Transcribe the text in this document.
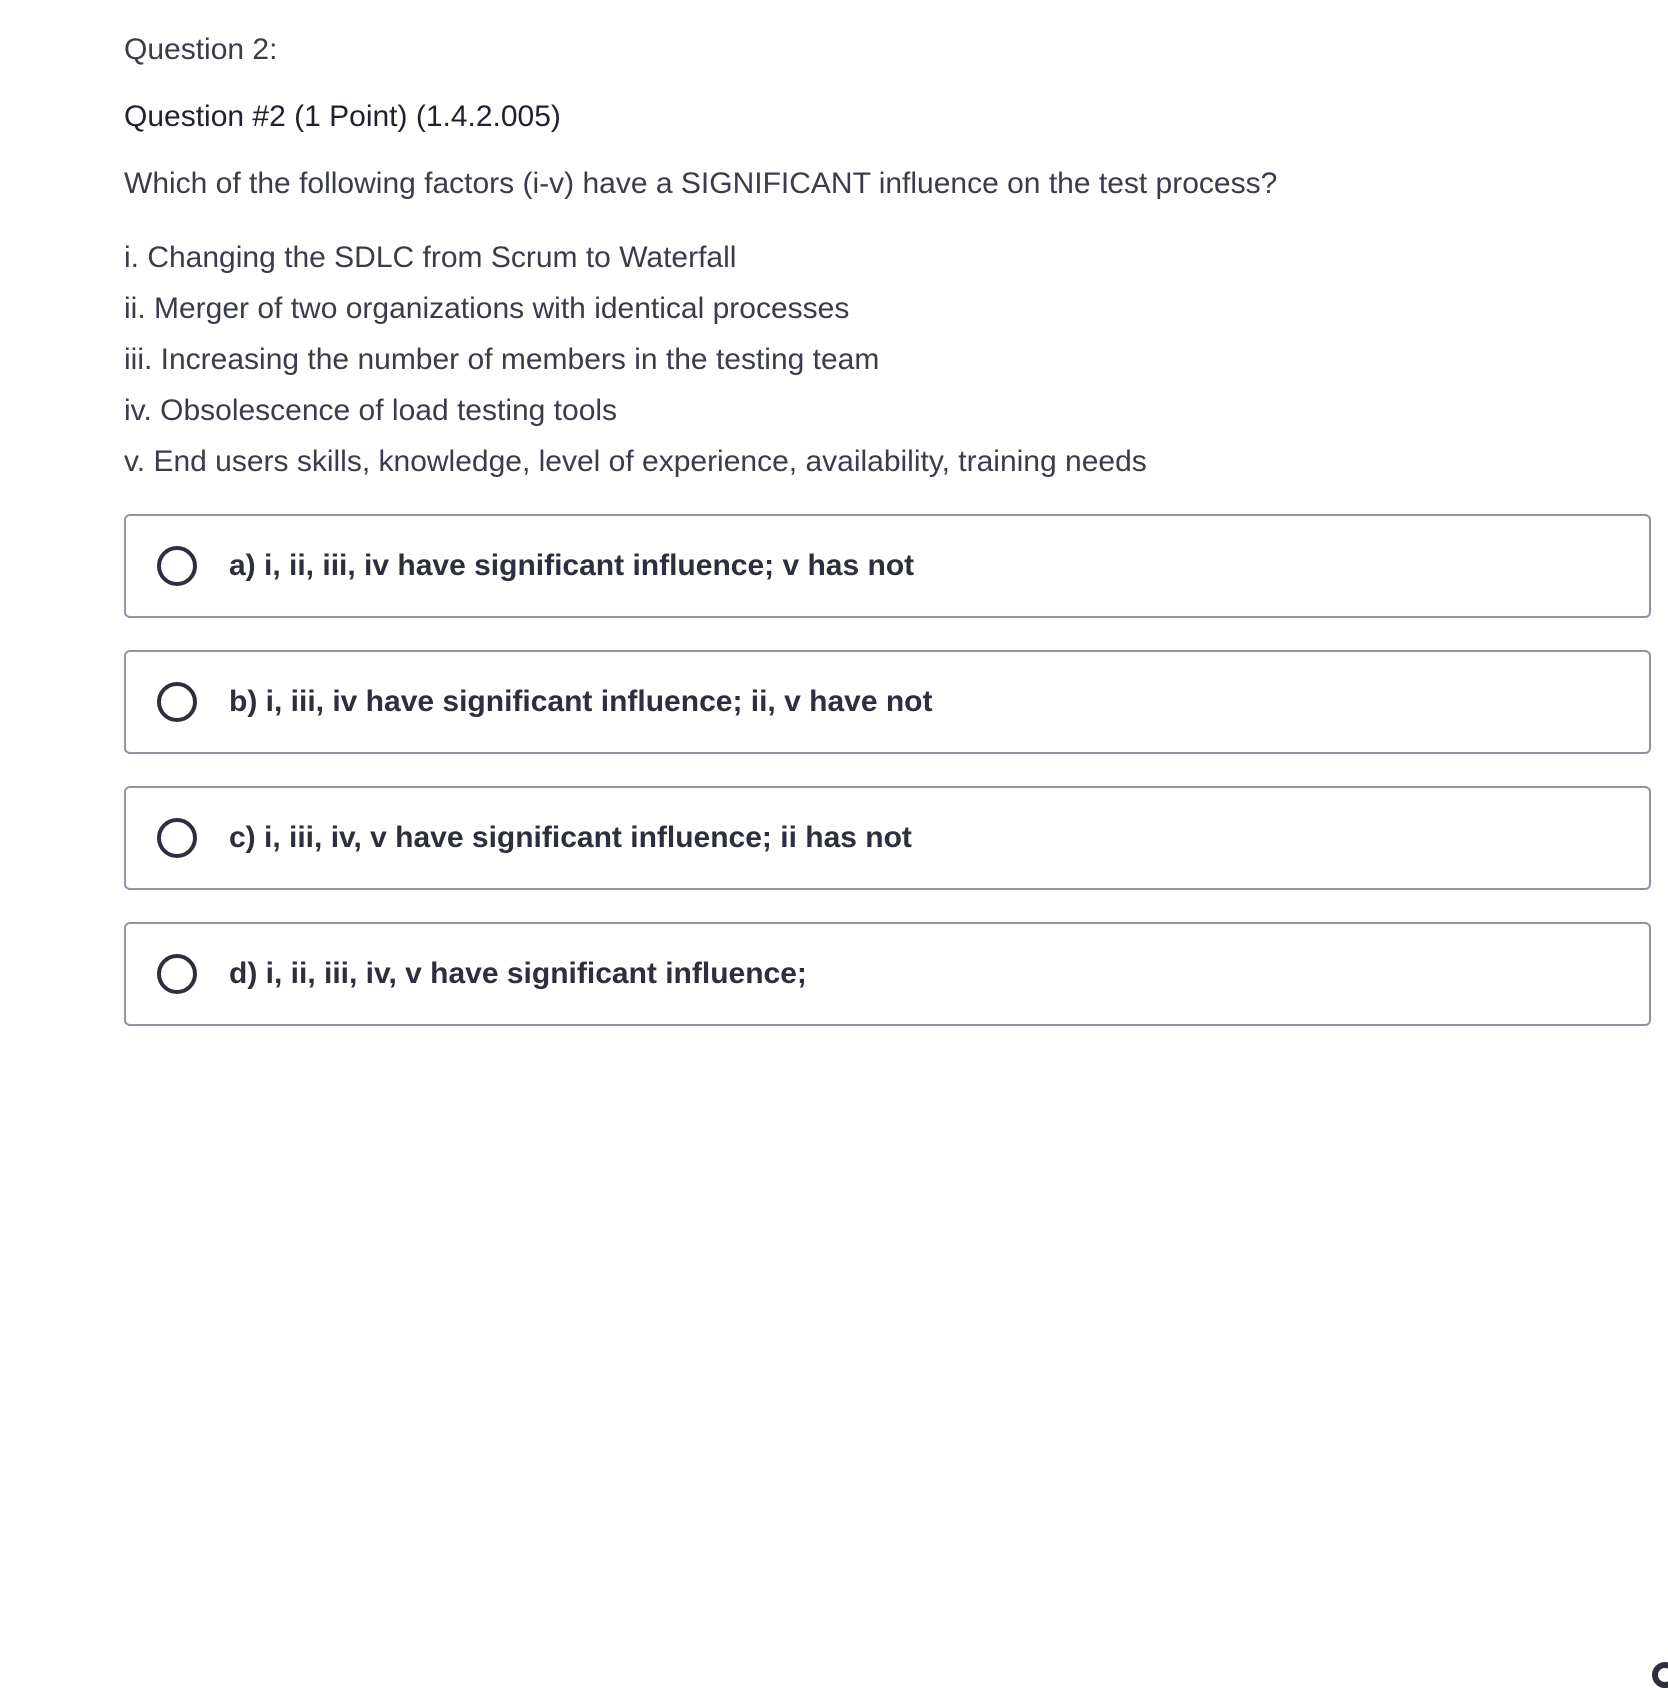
Question 2:
Question #2 (1 Point) (1.4.2.005)
Which of the following factors (i-v) have a SIGNIFICANT influence on the test process?
i. Changing the SDLC from Scrum to Waterfall
ii. Merger of two organizations with identical processes
iii. Increasing the number of members in the testing team
iv. Obsolescence of load testing tools
v. End users skills, knowledge, level of experience, availability, training needs
a) i, ii, iii, iv have significant influence; v has not
b) i, iii, iv have significant influence; ii, v have not
c) i, iii, iv, v have significant influence; ii has not
d) i, ii, iii, iv, v have significant influence;
